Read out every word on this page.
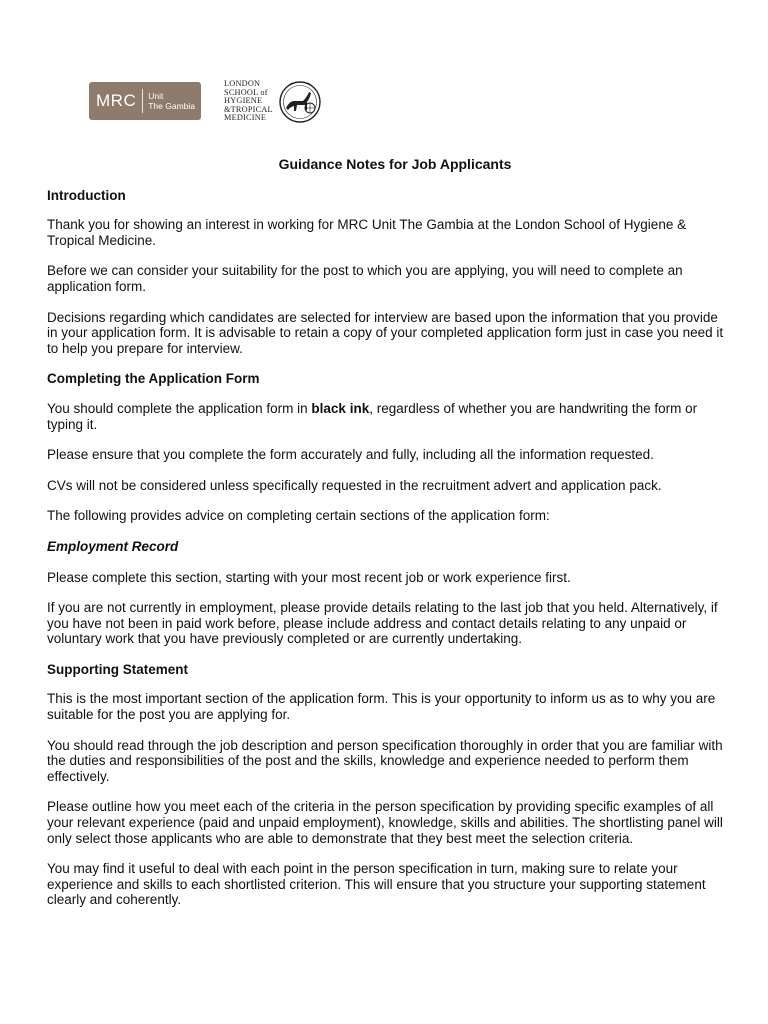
MRC	Unit
The Gambia
LONDON
SCHOOL of
HYGIENE
&TROPICAL
MEDICINE
Guidance Notes for Job Applicants
Introduction

Thank you for showing an interest in working for MRC Unit The Gambia at the London School of Hygiene & Tropical Medicine.

Before we can consider your suitability for the post to which you are applying, you will need to complete an application form.

Decisions regarding which candidates are selected for interview are based upon the information that you provide in your application form. It is advisable to retain a copy of your completed application form just in case you need it to help you prepare for interview.

Completing the Application Form

You should complete the application form in black ink, regardless of whether you are handwriting the form or typing it.

Please ensure that you complete the form accurately and fully, including all the information requested.

CVs will not be considered unless specifically requested in the recruitment advert and application pack.

The following provides advice on completing certain sections of the application form:

Employment Record

Please complete this section, starting with your most recent job or work experience first.

If you are not currently in employment, please provide details relating to the last job that you held. Alternatively, if you have not been in paid work before, please include address and contact details relating to any unpaid or voluntary work that you have previously completed or are currently undertaking.

Supporting Statement

This is the most important section of the application form. This is your opportunity to inform us as to why you are suitable for the post you are applying for.

You should read through the job description and person specification thoroughly in order that you are familiar with the duties and responsibilities of the post and the skills, knowledge and experience needed to perform them effectively.

Please outline how you meet each of the criteria in the person specification by providing specific examples of all your relevant experience (paid and unpaid employment), knowledge, skills and abilities. The shortlisting panel will only select those applicants who are able to demonstrate that they best meet the selection criteria.

You may find it useful to deal with each point in the person specification in turn, making sure to relate your experience and skills to each shortlisted criterion. This will ensure that you structure your supporting statement clearly and coherently.
